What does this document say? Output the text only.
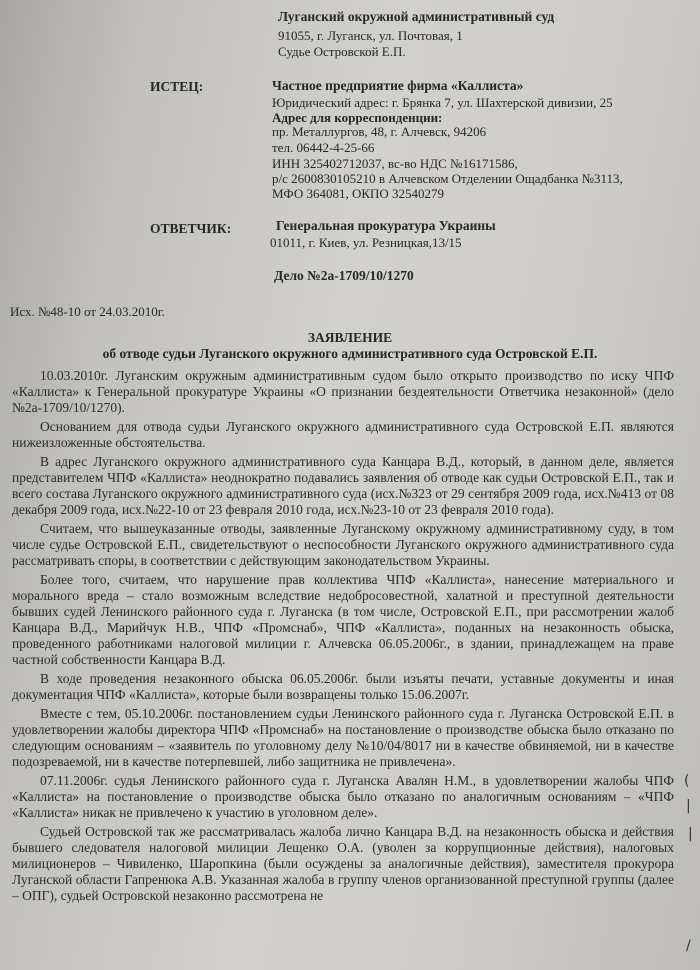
Луганский окружной административный суд
91055, г. Луганск, ул. Почтовая, 1
Судье Островской Е.П.
ИСТЕЦ:	Частное предприятие фирма «Каллиста»
Юридический адрес: г. Брянка 7, ул. Шахтерской дивизии, 25
Адрес для корреспонденции:
пр. Металлургов, 48, г. Алчевск, 94206
тел. 06442-4-25-66
ИНН 325402712037, вс-во НДС №16171586,
р/с 2600830105210 в Алчевском Отделении Ощадбанка №3113,
МФО 364081, ОКПО 32540279
ОТВЕТЧИК:	Генеральная прокуратура Украины
01011, г. Киев, ул. Резницкая,13/15
Дело №2а-1709/10/1270
Исх. №48-10 от 24.03.2010г.
ЗАЯВЛЕНИЕ
об отводе судьи Луганского окружного административного суда Островской Е.П.

10.03.2010г. Луганским окружным административным судом было открыто производство по иску ЧПФ «Каллиста» к Генеральной прокуратуре Украины «О признании бездеятельности Ответчика незаконной» (дело №2а-1709/10/1270).

Основанием для отвода судьи Луганского окружного административного суда Островской Е.П. являются нижеизложенные обстоятельства.

В адрес Луганского окружного административного суда Канцара В.Д., который, в данном деле, является представителем ЧПФ «Каллиста» неоднократно подавались заявления об отводе как судьи Островской Е.П., так и всего состава Луганского окружного административного суда (исх.№323 от 29 сентября 2009 года, исх.№413 от 08 декабря 2009 года, исх.№22-10 от 23 февраля 2010 года, исх.№23-10 от 23 февраля 2010 года).

Считаем, что вышеуказанные отводы, заявленные Луганскому окружному административному суду, в том числе судье Островской Е.П., свидетельствуют о неспособности Луганского окружного административного суда рассматривать споры, в соответствии с действующим законодательством Украины.

Более того, считаем, что нарушение прав коллектива ЧПФ «Каллиста», нанесение материального и морального вреда – стало возможным вследствие недобросовестной, халатной и преступной деятельности бывших судей Ленинского районного суда г. Луганска (в том числе, Островской Е.П., при рассмотрении жалоб Канцара В.Д., Марийчук Н.В., ЧПФ «Промснаб», ЧПФ «Каллиста», поданных на незаконность обыска, проведенного работниками налоговой милиции г. Алчевска 06.05.2006г., в здании, принадлежащем на праве частной собственности Канцара В.Д.

В ходе проведения незаконного обыска 06.05.2006г. были изъяты печати, уставные документы и иная документация ЧПФ «Каллиста», которые были возвращены только 15.06.2007г.

Вместе с тем, 05.10.2006г. постановлением судьи Ленинского районного суда г. Луганска Островской Е.П. в удовлетворении жалобы директора ЧПФ «Промснаб» на постановление о производстве обыска было отказано по следующим основаниям – «заявитель по уголовному делу №10/04/8017 ни в качестве обвиняемой, ни в качестве подозреваемой, ни в качестве потерпевшей, либо защитника не привлечена».

07.11.2006г. судья Ленинского районного суда г. Луганска Авалян Н.М., в удовлетворении жалобы ЧПФ «Каллиста» на постановление о производстве обыска было отказано по аналогичным основаниям – «ЧПФ «Каллиста» никак не привлечено к участию в уголовном деле».

Судьей Островской так же рассматривалась жалоба лично Канцара В.Д. на незаконность обыска и действия бывшего следователя налоговой милиции Лещенко О.А. (уволен за коррупционные действия), налоговых милиционеров – Чивиленко, Шаропкина (были осуждены за аналогичные действия), заместителя прокурора Луганской области Гапренюка А.В. Указанная жалоба в группу членов организованной преступной группы (далее – ОПГ), судьей Островской незаконно рассмотрена не

(
|
|
/
